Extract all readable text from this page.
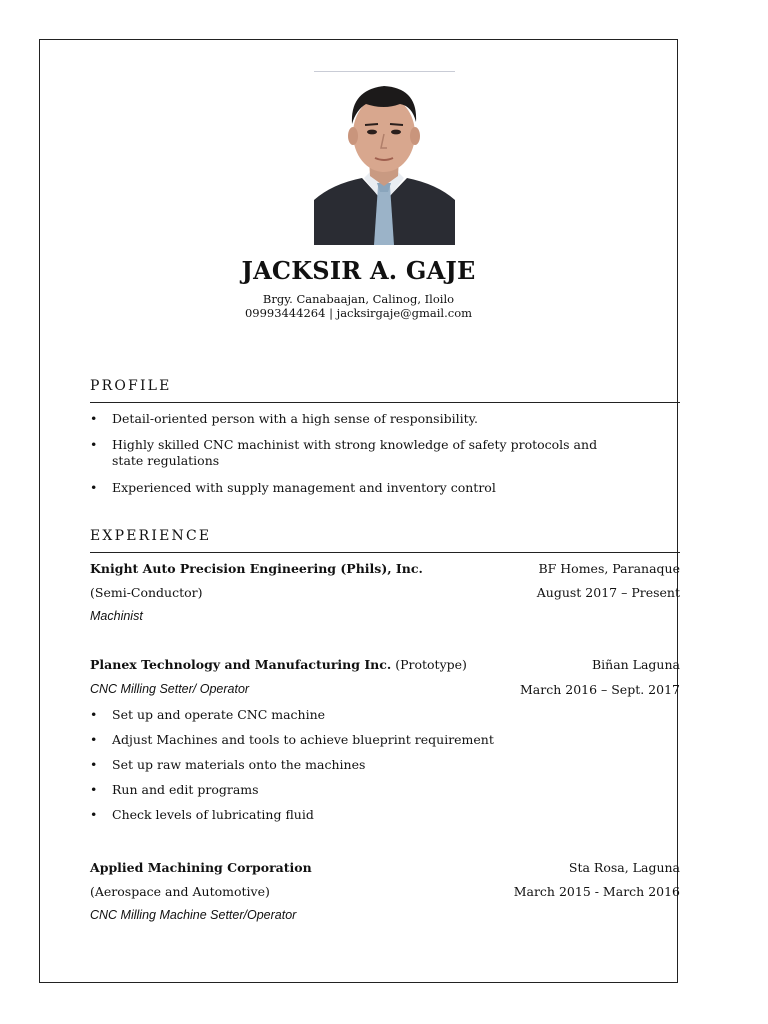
JACKSIR A. GAJE
Brgy. Canabaajan, Calinog, Iloilo
09993444264 | jacksirgaje@gmail.com
PROFILE
•	Detail-oriented person with a high sense of responsibility.
•	Highly skilled CNC machinist with strong knowledge of safety protocols and state regulations
•	Experienced with supply management and inventory control
EXPERIENCE
Knight Auto Precision Engineering (Phils), Inc.	BF Homes, Paranaque
(Semi-Conductor)	August 2017 – Present
Machinist
Planex Technology and Manufacturing Inc. (Prototype)	Biñan Laguna
CNC Milling Setter/ Operator	March 2016 – Sept. 2017
•	Set up and operate CNC machine
•	Adjust Machines and tools to achieve blueprint requirement
•	Set up raw materials onto the machines
•	Run and edit programs
•	Check levels of lubricating fluid
Applied Machining Corporation	Sta Rosa, Laguna
(Aerospace and Automotive)	March 2015 - March 2016
CNC Milling Machine Setter/Operator
